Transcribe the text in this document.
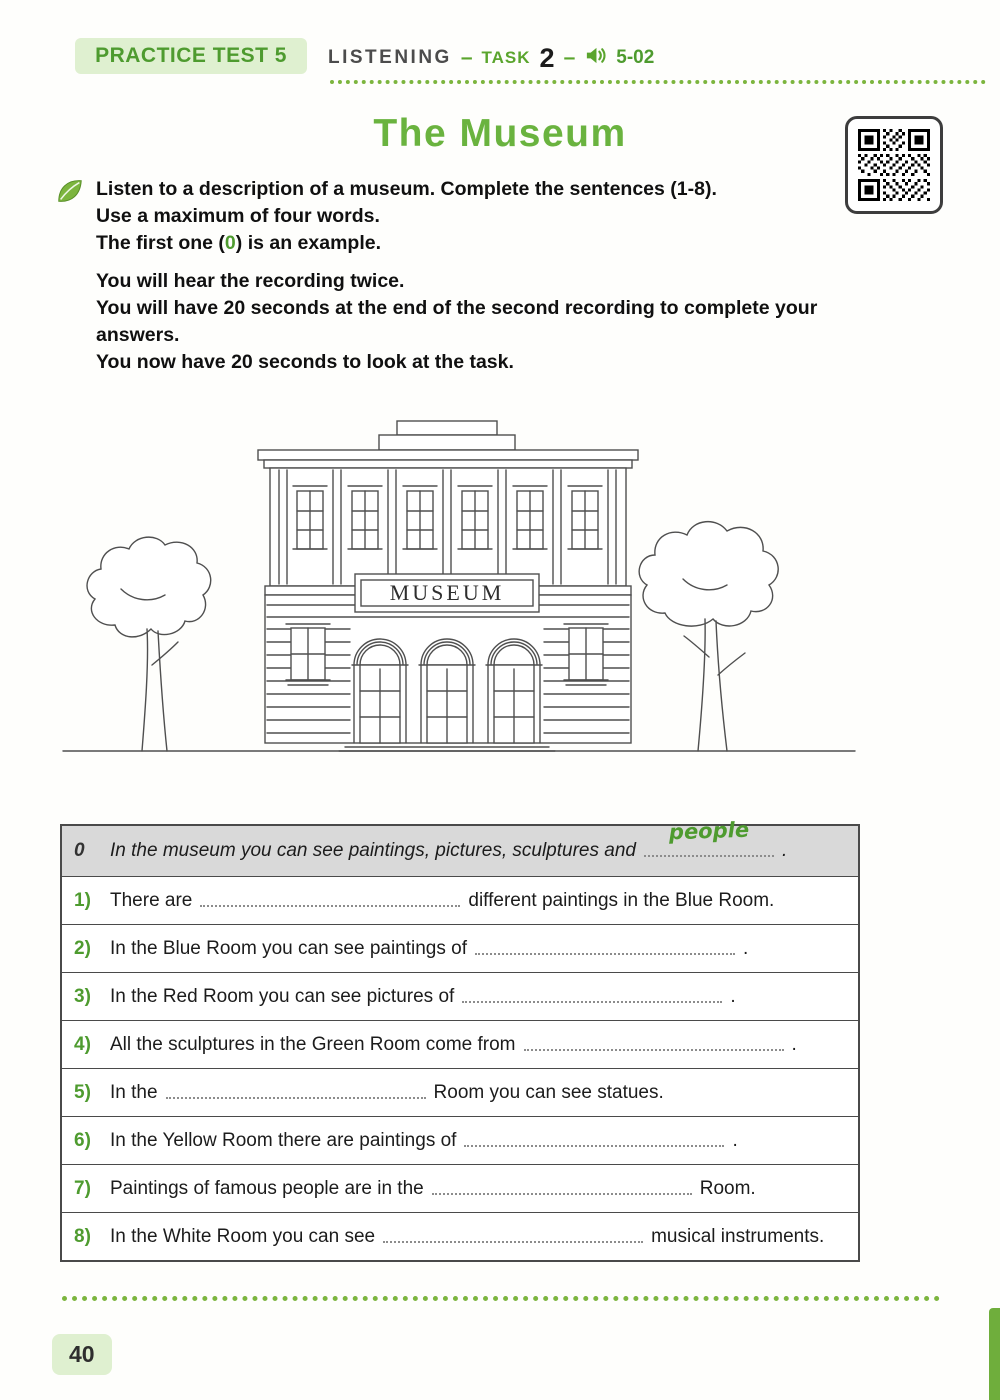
PRACTICE TEST 5 LISTENING – TASK 2 – 5-02
The Museum
Listen to a description of a museum. Complete the sentences (1-8).
Use a maximum of four words.
The first one (0) is an example.
You will hear the recording twice.
You will have 20 seconds at the end of the second recording to complete your answers.
You now have 20 seconds to look at the task.
MUSEUM
0 In the museum you can see paintings, pictures, sculptures and
people
.
1) There are	different paintings in the Blue Room.
2) In the Blue Room you can see paintings of	.
3) In the Red Room you can see pictures of	.
4) All the sculptures in the Green Room come from	.
5) In the	Room you can see statues.
6) In the Yellow Room there are paintings of	.
7) Paintings of famous people are in the	Room.
8) In the White Room you can see	musical instruments.
40
